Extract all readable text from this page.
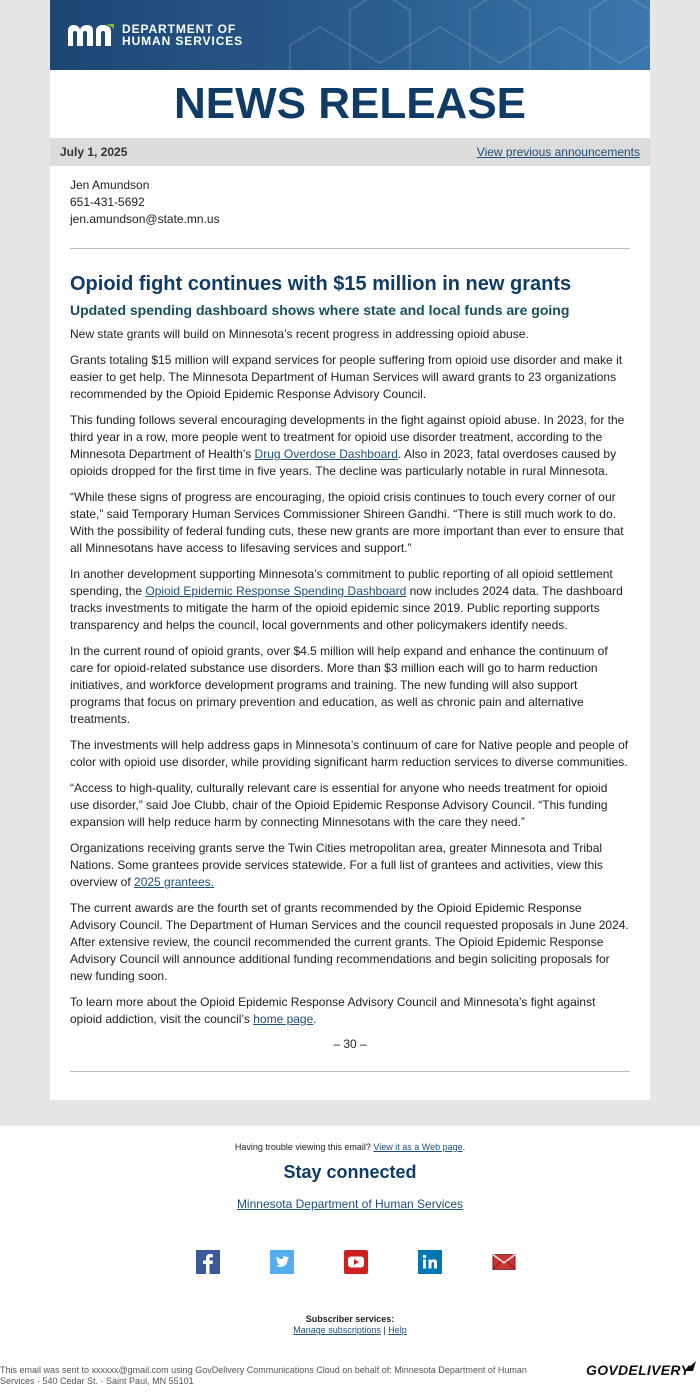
DEPARTMENT OF
HUMAN SERVICES
NEWS RELEASE
July 1, 2025	View previous announcements
Jen Amundson
651-431-5692
jen.amundson@state.mn.us
Opioid fight continues with $15 million in new grants
Updated spending dashboard shows where state and local funds are going

New state grants will build on Minnesota’s recent progress in addressing opioid abuse.

Grants totaling $15 million will expand services for people suffering from opioid use disorder and make it easier to get help. The Minnesota Department of Human Services will award grants to 23 organizations recommended by the Opioid Epidemic Response Advisory Council.

This funding follows several encouraging developments in the fight against opioid abuse. In 2023, for the third year in a row, more people went to treatment for opioid use disorder treatment, according to the Minnesota Department of Health’s Drug Overdose Dashboard. Also in 2023, fatal overdoses caused by opioids dropped for the first time in five years. The decline was particularly notable in rural Minnesota.

“While these signs of progress are encouraging, the opioid crisis continues to touch every corner of our state,” said Temporary Human Services Commissioner Shireen Gandhi. “There is still much work to do. With the possibility of federal funding cuts, these new grants are more important than ever to ensure that all Minnesotans have access to lifesaving services and support.”

In another development supporting Minnesota’s commitment to public reporting of all opioid settlement spending, the Opioid Epidemic Response Spending Dashboard now includes 2024 data. The dashboard tracks investments to mitigate the harm of the opioid epidemic since 2019. Public reporting supports transparency and helps the council, local governments and other policymakers identify needs.

In the current round of opioid grants, over $4.5 million will help expand and enhance the continuum of care for opioid-related substance use disorders. More than $3 million each will go to harm reduction initiatives, and workforce development programs and training. The new funding will also support programs that focus on primary prevention and education, as well as chronic pain and alternative treatments.

The investments will help address gaps in Minnesota’s continuum of care for Native people and people of color with opioid use disorder, while providing significant harm reduction services to diverse communities.

“Access to high-quality, culturally relevant care is essential for anyone who needs treatment for opioid use disorder,” said Joe Clubb, chair of the Opioid Epidemic Response Advisory Council. “This funding expansion will help reduce harm by connecting Minnesotans with the care they need.”

Organizations receiving grants serve the Twin Cities metropolitan area, greater Minnesota and Tribal Nations. Some grantees provide services statewide. For a full list of grantees and activities, view this overview of 2025 grantees.

The current awards are the fourth set of grants recommended by the Opioid Epidemic Response Advisory Council. The Department of Human Services and the council requested proposals in June 2024. After extensive review, the council recommended the current grants. The Opioid Epidemic Response Advisory Council will announce additional funding recommendations and begin soliciting proposals for new funding soon.

To learn more about the Opioid Epidemic Response Advisory Council and Minnesota’s fight against opioid addiction, visit the council’s home page.

– 30 –
Having trouble viewing this email? View it as a Web page.
Stay connected
Minnesota Department of Human Services
Subscriber services:
Manage subscriptions | Help
This email was sent to xxxxxx@gmail.com using GovDelivery Communications Cloud on behalf of: Minnesota Department of Human Services · 540 Cedar St. · Saint Paul, MN 55101
GOVDELIVERY
